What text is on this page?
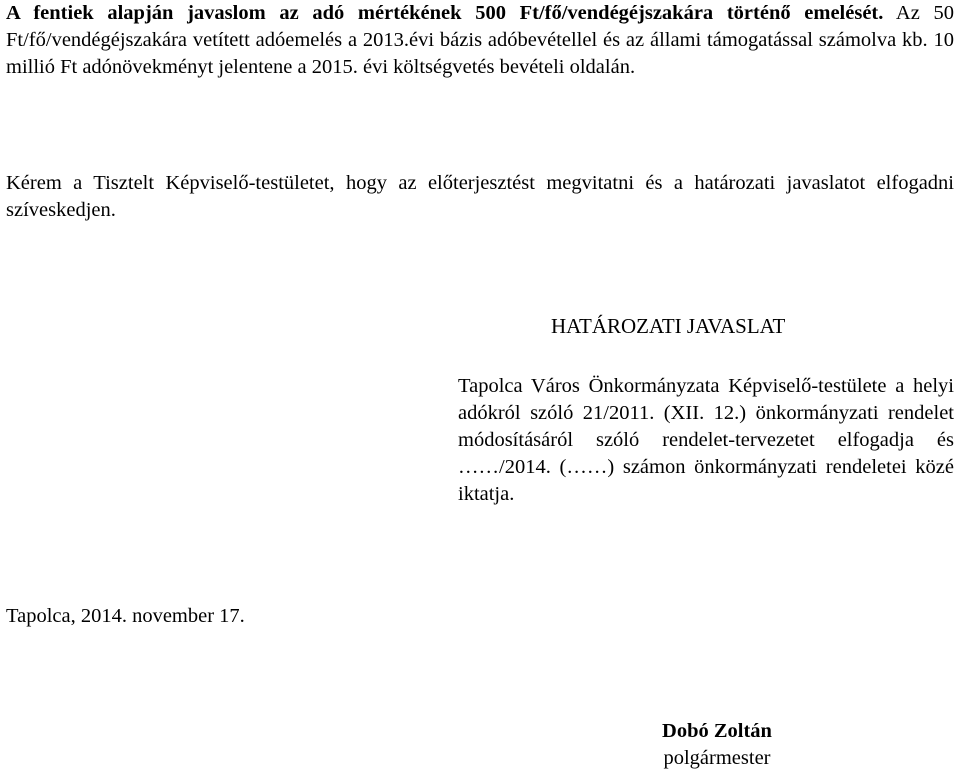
A fentiek alapján javaslom az adó mértékének 500 Ft/fő/vendégéjszakára történő emelését. Az 50 Ft/fő/vendégéjszakára vetített adóemelés a 2013.évi bázis adóbevétellel és az állami támogatással számolva kb. 10 millió Ft adónövekményt jelentene a 2015. évi költségvetés bevételi oldalán.
Kérem a Tisztelt Képviselő-testületet, hogy az előterjesztést megvitatni és a határozati javaslatot elfogadni szíveskedjen.
HATÁROZATI JAVASLAT
Tapolca Város Önkormányzata Képviselő-testülete a helyi adókról szóló 21/2011. (XII. 12.) önkormányzati rendelet módosításáról szóló rendelet-tervezetet elfogadja és ……/2014. (……) számon önkormányzati rendeletei közé iktatja.
Tapolca, 2014. november 17.
Dobó Zoltán
polgármester
